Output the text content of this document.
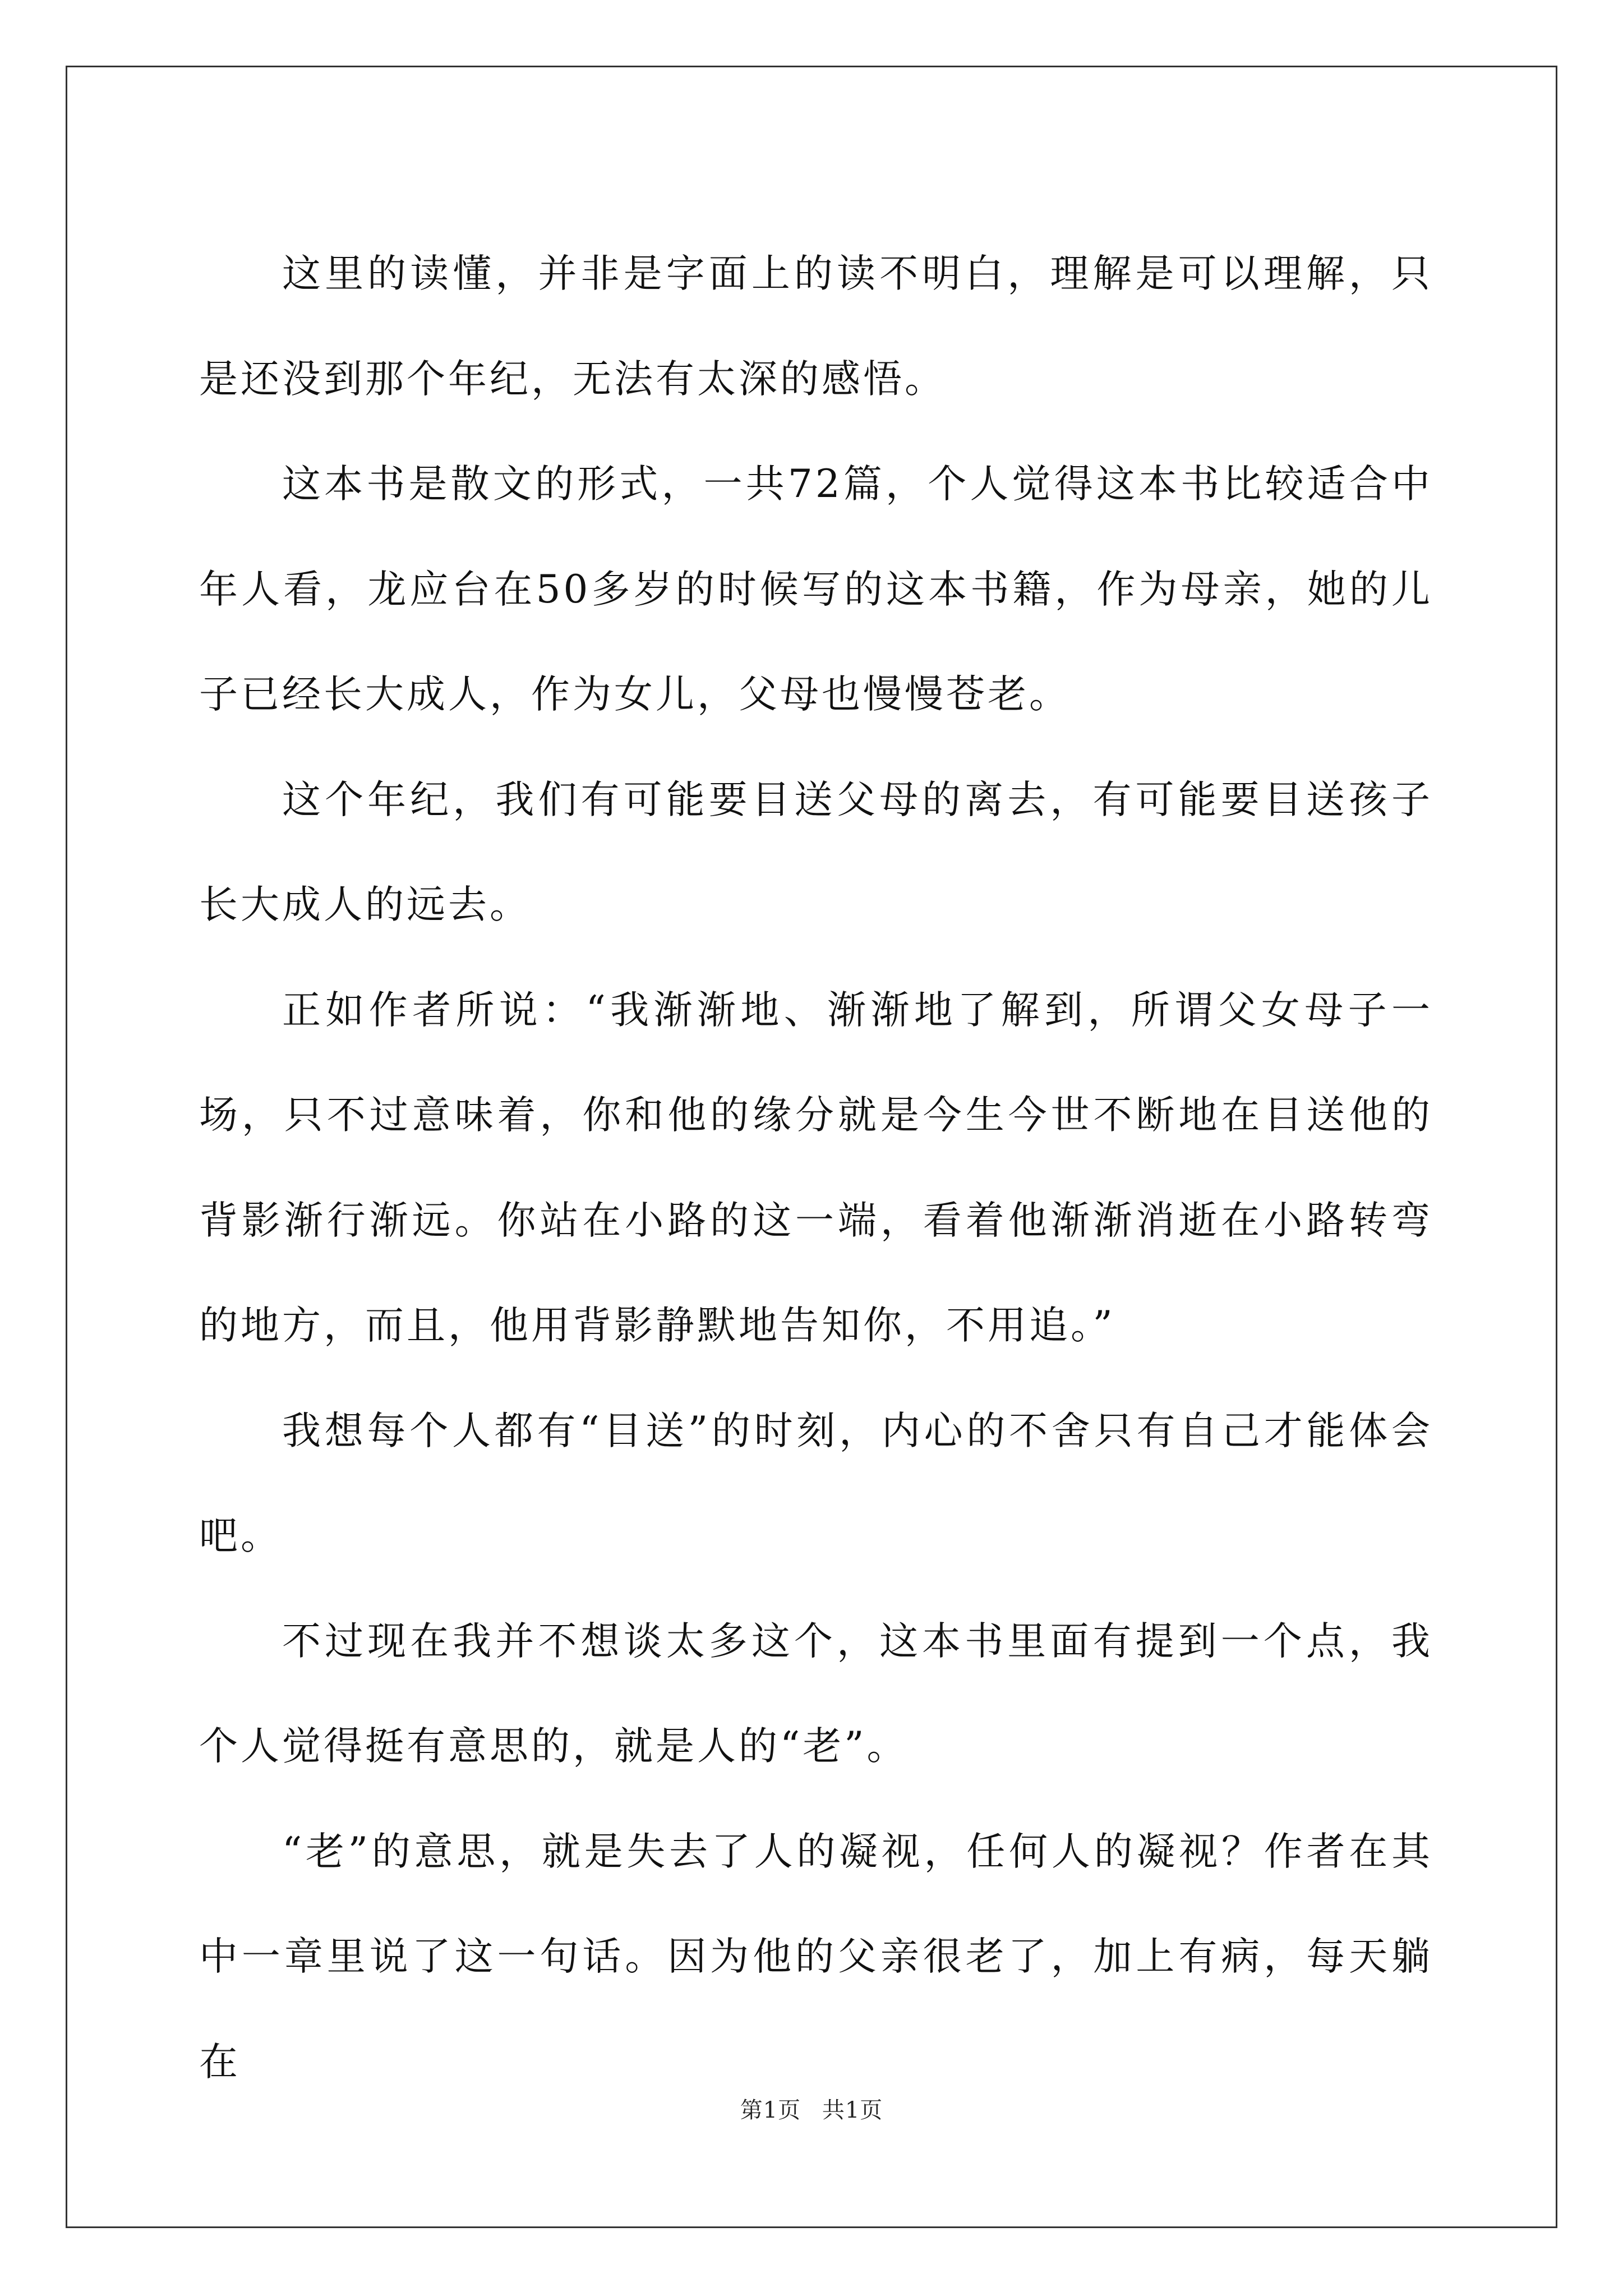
这里的读懂，并非是字面上的读不明白，理解是可以理解，只是还没到那个年纪，无法有太深的感悟。

这本书是散文的形式，一共72篇，个人觉得这本书比较适合中年人看，龙应台在50多岁的时候写的这本书籍，作为母亲，她的儿子已经长大成人，作为女儿，父母也慢慢苍老。

这个年纪，我们有可能要目送父母的离去，有可能要目送孩子长大成人的远去。

正如作者所说：“我渐渐地、渐渐地了解到，所谓父女母子一场，只不过意味着，你和他的缘分就是今生今世不断地在目送他的背影渐行渐远。你站在小路的这一端，看着他渐渐消逝在小路转弯的地方，而且，他用背影静默地告知你，不用追。”

我想每个人都有“目送”的时刻，内心的不舍只有自己才能体会吧。

不过现在我并不想谈太多这个，这本书里面有提到一个点，我个人觉得挺有意思的，就是人的“老”。

“老”的意思，就是失去了人的凝视，任何人的凝视？作者在其中一章里说了这一句话。因为他的父亲很老了，加上有病，每天躺在

第1页 共1页
